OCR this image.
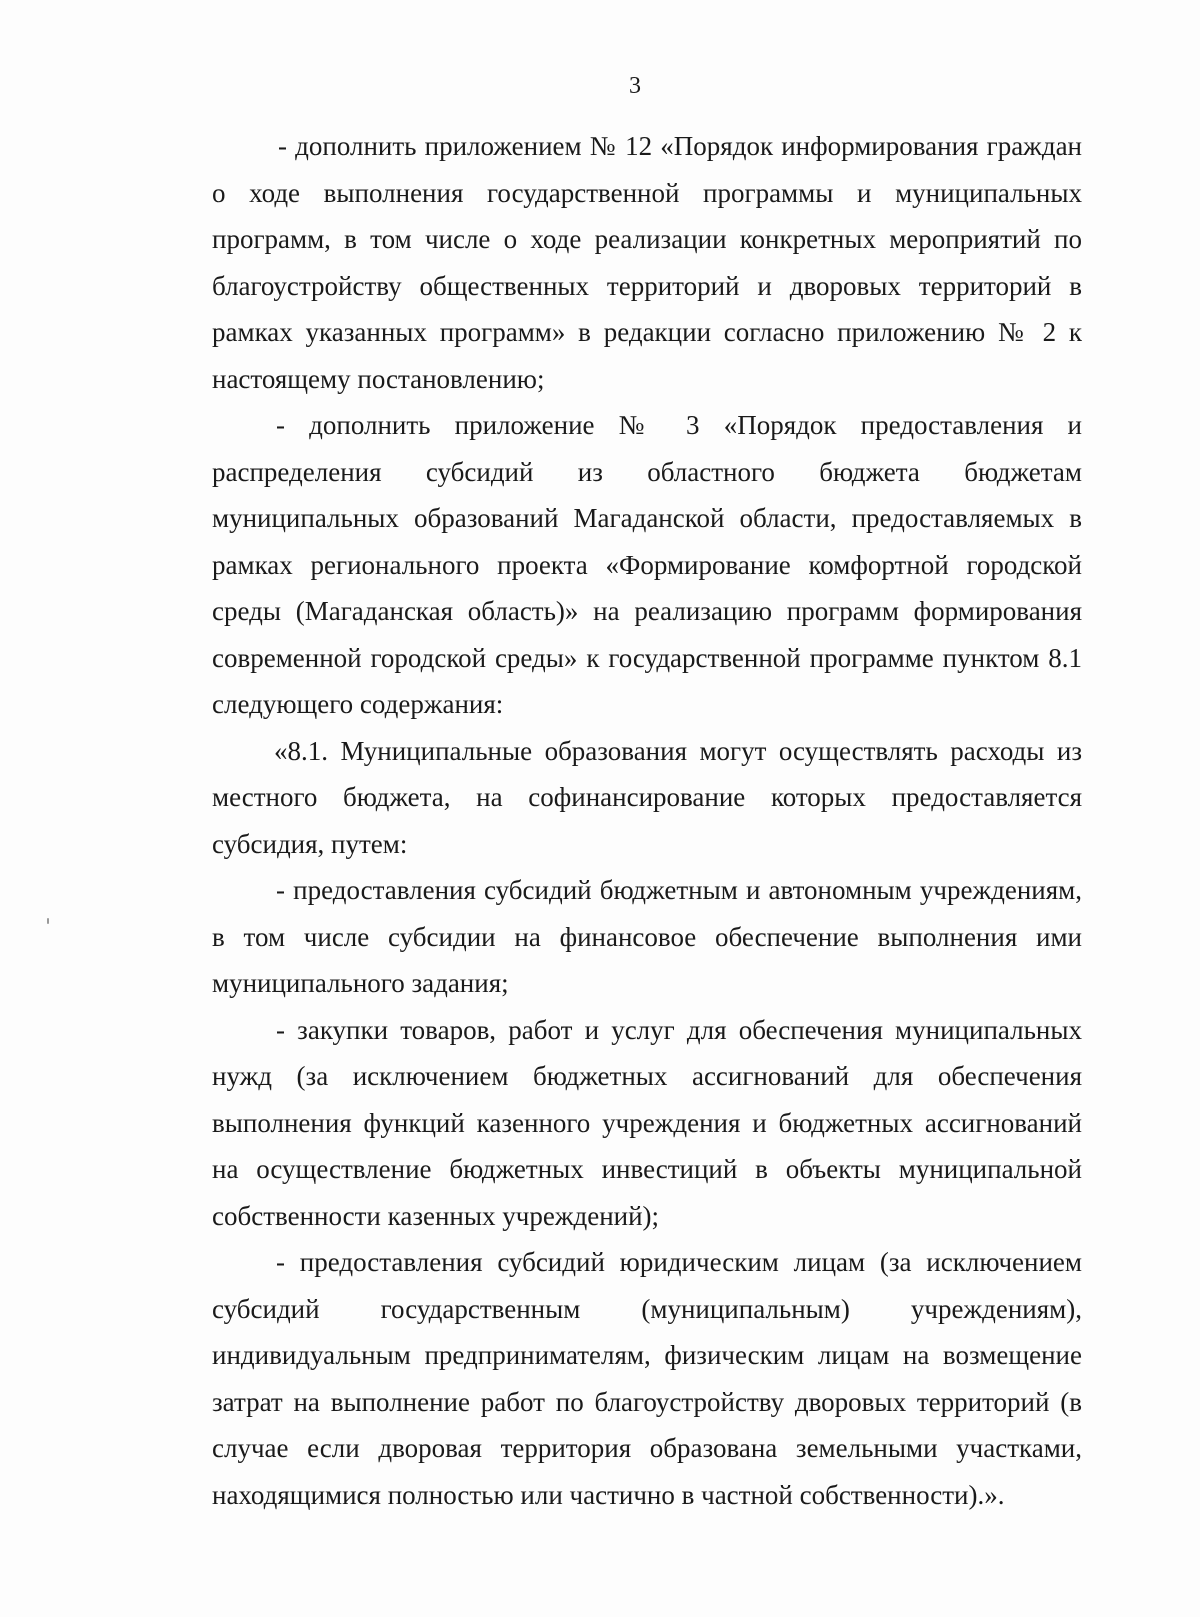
3

- дополнить приложением № 12 «Порядок информирования граждан о ходе выполнения государственной программы и муниципальных программ, в том числе о ходе реализации конкретных мероприятий по благоустройству общественных территорий и дворовых территорий в рамках указанных программ» в редакции согласно приложению № 2 к настоящему постановлению;

- дополнить приложение № 3 «Порядок предоставления и распределения субсидий из областного бюджета бюджетам муниципальных образований Магаданской области, предоставляемых в рамках регионального проекта «Формирование комфортной городской среды (Магаданская область)» на реализацию программ формирования современной городской среды» к государственной программе пунктом 8.1 следующего содержания:

«8.1. Муниципальные образования могут осуществлять расходы из местного бюджета, на софинансирование которых предоставляется субсидия, путем:

- предоставления субсидий бюджетным и автономным учреждениям, в том числе субсидии на финансовое обеспечение выполнения ими муниципального задания;

- закупки товаров, работ и услуг для обеспечения муниципальных нужд (за исключением бюджетных ассигнований для обеспечения выполнения функций казенного учреждения и бюджетных ассигнований на осуществление бюджетных инвестиций в объекты муниципальной собственности казенных учреждений);

- предоставления субсидий юридическим лицам (за исключением субсидий государственным (муниципальным) учреждениям), индивидуальным предпринимателям, физическим лицам на возмещение затрат на выполнение работ по благоустройству дворовых территорий (в случае если дворовая территория образована земельными участками, находящимися полностью или частично в частной собственности).».
